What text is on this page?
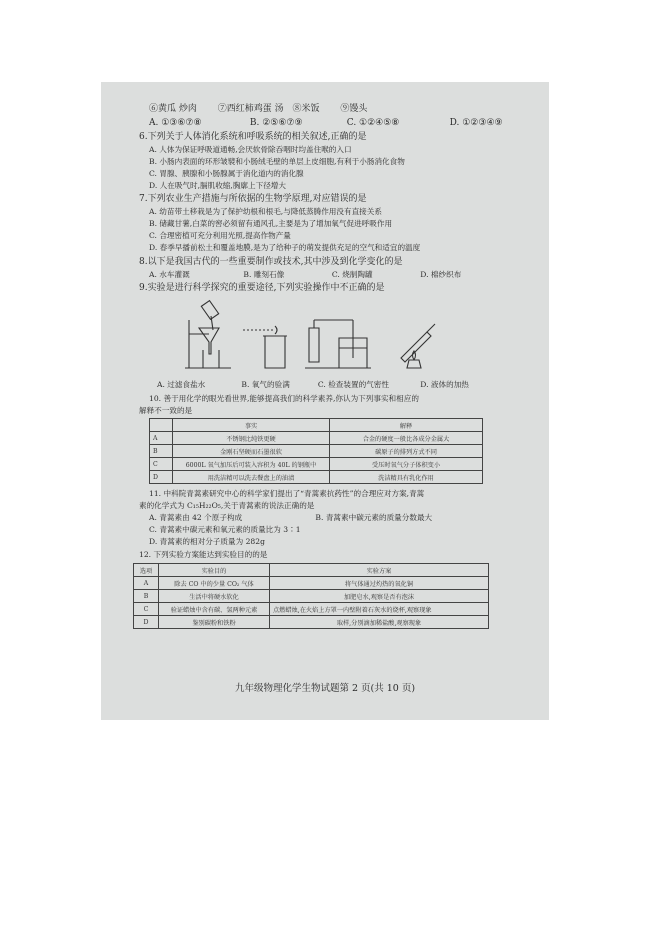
⑥黄瓜 炒肉 ⑦西红柿鸡蛋 汤 ⑧米饭 ⑨馒头
A. ①③⑥⑦⑧	B. ②⑤⑥⑦⑨	C. ①②④⑤⑧	D. ①②③④⑨
6.下列关于人体消化系统和呼吸系统的相关叙述,正确的是
A. 人体为保证呼吸道通畅,会厌软骨除吞咽时均盖住喉的入口
B. 小肠内表面的环形皱襞和小肠绒毛壁的单层上皮细胞,有利于小肠消化食物
C. 胃腺、胰腺和小肠腺属于消化道内的消化腺
D. 人在吸气时,膈肌收缩,胸廓上下径增大
7.下列农业生产措施与所依据的生物学原理,对应错误的是
A. 幼苗带土移栽是为了保护幼根和根毛,与降低蒸腾作用没有直接关系
B. 储藏甘薯,白菜的窖必须留有通风孔,主要是为了增加氧气促进呼吸作用
C. 合理密植可充分利用光照,提高作物产量
D. 春季早播前松土和覆盖地膜,是为了给种子的萌发提供充足的空气和适宜的温度
8.以下是我国古代的一些重要制作或技术,其中涉及到化学变化的是
A. 水车灌溉	B. 雕刻石像	C. 烧制陶罐	D. 棉纱织布
9.实验是进行科学探究的重要途径,下列实验操作中不正确的是
A. 过滤食盐水	B. 氧气的验满	C. 检查装置的气密性	D. 液体的加热
10. 善于用化学的眼光看世界,能够提高我们的科学素养,你认为下列事实和相应的
解释不一致的是
	事实	解释
A	不锈钢比纯铁更硬	合金的硬度一般比各成分金属大
B	金刚石坚硬而石墨很软	碳原子的排列方式不同
C	6000L 氧气加压后可装入容积为 40L 的钢瓶中	受压时氧气分子体积变小
D	用洗洁精可以洗去餐盘上的油渍	洗洁精具有乳化作用
11. 中科院青蒿素研究中心的科学家们提出了“青蒿素抗药性”的合理应对方案,青蒿
素的化学式为 C₁₅H₂₂O₅,关于青蒿素的说法正确的是
A. 青蒿素由 42 个原子构成	B. 青蒿素中碳元素的质量分数最大
C. 青蒿素中碳元素和氧元素的质量比为 3∶1
D. 青蒿素的相对分子质量为 282g
12. 下列实验方案能达到实验目的的是
选项	实验目的	实验方案
A	除去 CO 中的少量 CO₂ 气体	将气体通过灼热的氧化铜
B	生活中将硬水软化	加肥皂水,观察是否有泡沫
C	验证蜡烛中含有碳、氢两种元素	点燃蜡烛,在火焰上方罩一内壁附着石灰水的烧杯,观察现象
D	鉴别碳粉和铁粉	取样,分别滴加稀盐酸,观察现象
九年级物理化学生物试题第 2 页(共 10 页)
